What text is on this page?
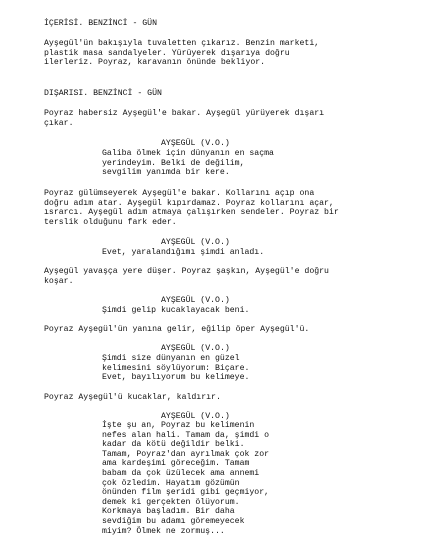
İÇERİSİ. BENZİNCİ - GÜN
Ayşegül'ün bakışıyla tuvaletten çıkarız. Benzin marketi,
plastik masa sandalyeler. Yürüyerek dışarıya doğru
ilerleriz. Poyraz, karavanın önünde bekliyor.
DIŞARISI. BENZİNCİ - GÜN
Poyraz habersiz Ayşegül'e bakar. Ayşegül yürüyerek dışarı
çıkar.
AYŞEGÜL (V.O.)
Galiba ölmek için dünyanın en saçma
yerindeyim. Belki de değilim,
sevgilim yanımda bir kere.
Poyraz gülümseyerek Ayşegül'e bakar. Kollarını açıp ona
doğru adım atar. Ayşegül kıpırdamaz. Poyraz kollarını açar,
ısrarcı. Ayşegül adım atmaya çalışırken sendeler. Poyraz bir
terslik olduğunu fark eder.
AYŞEGÜL (V.O.)
Evet, yaralandığımı şimdi anladı.
Ayşegül yavaşça yere düşer. Poyraz şaşkın, Ayşegül'e doğru
koşar.
AYŞEGÜL (V.O.)
Şimdi gelip kucaklayacak beni.
Poyraz Ayşegül'ün yanına gelir, eğilip öper Ayşegül'ü.
AYŞEGÜL (V.O.)
Şimdi size dünyanın en güzel
kelimesini söylüyorum: Biçare.
Evet, bayılıyorum bu kelimeye.
Poyraz Ayşegül'ü kucaklar, kaldırır.
AYŞEGÜL (V.O.)
İşte şu an, Poyraz bu kelimenin
nefes alan hali. Tamam da, şimdi o
kadar da kötü değildir belki.
Tamam, Poyraz'dan ayrılmak çok zor
ama kardeşimi göreceğim. Tamam
babam da çok üzülecek ama annemi
çok özledim. Hayatım gözümün
önünden film şeridi gibi geçmiyor,
demek ki gerçekten ölüyorum.
Korkmaya başladım. Bir daha
sevdiğim bu adamı göremeyecek
miyim? Ölmek ne zormuş...
